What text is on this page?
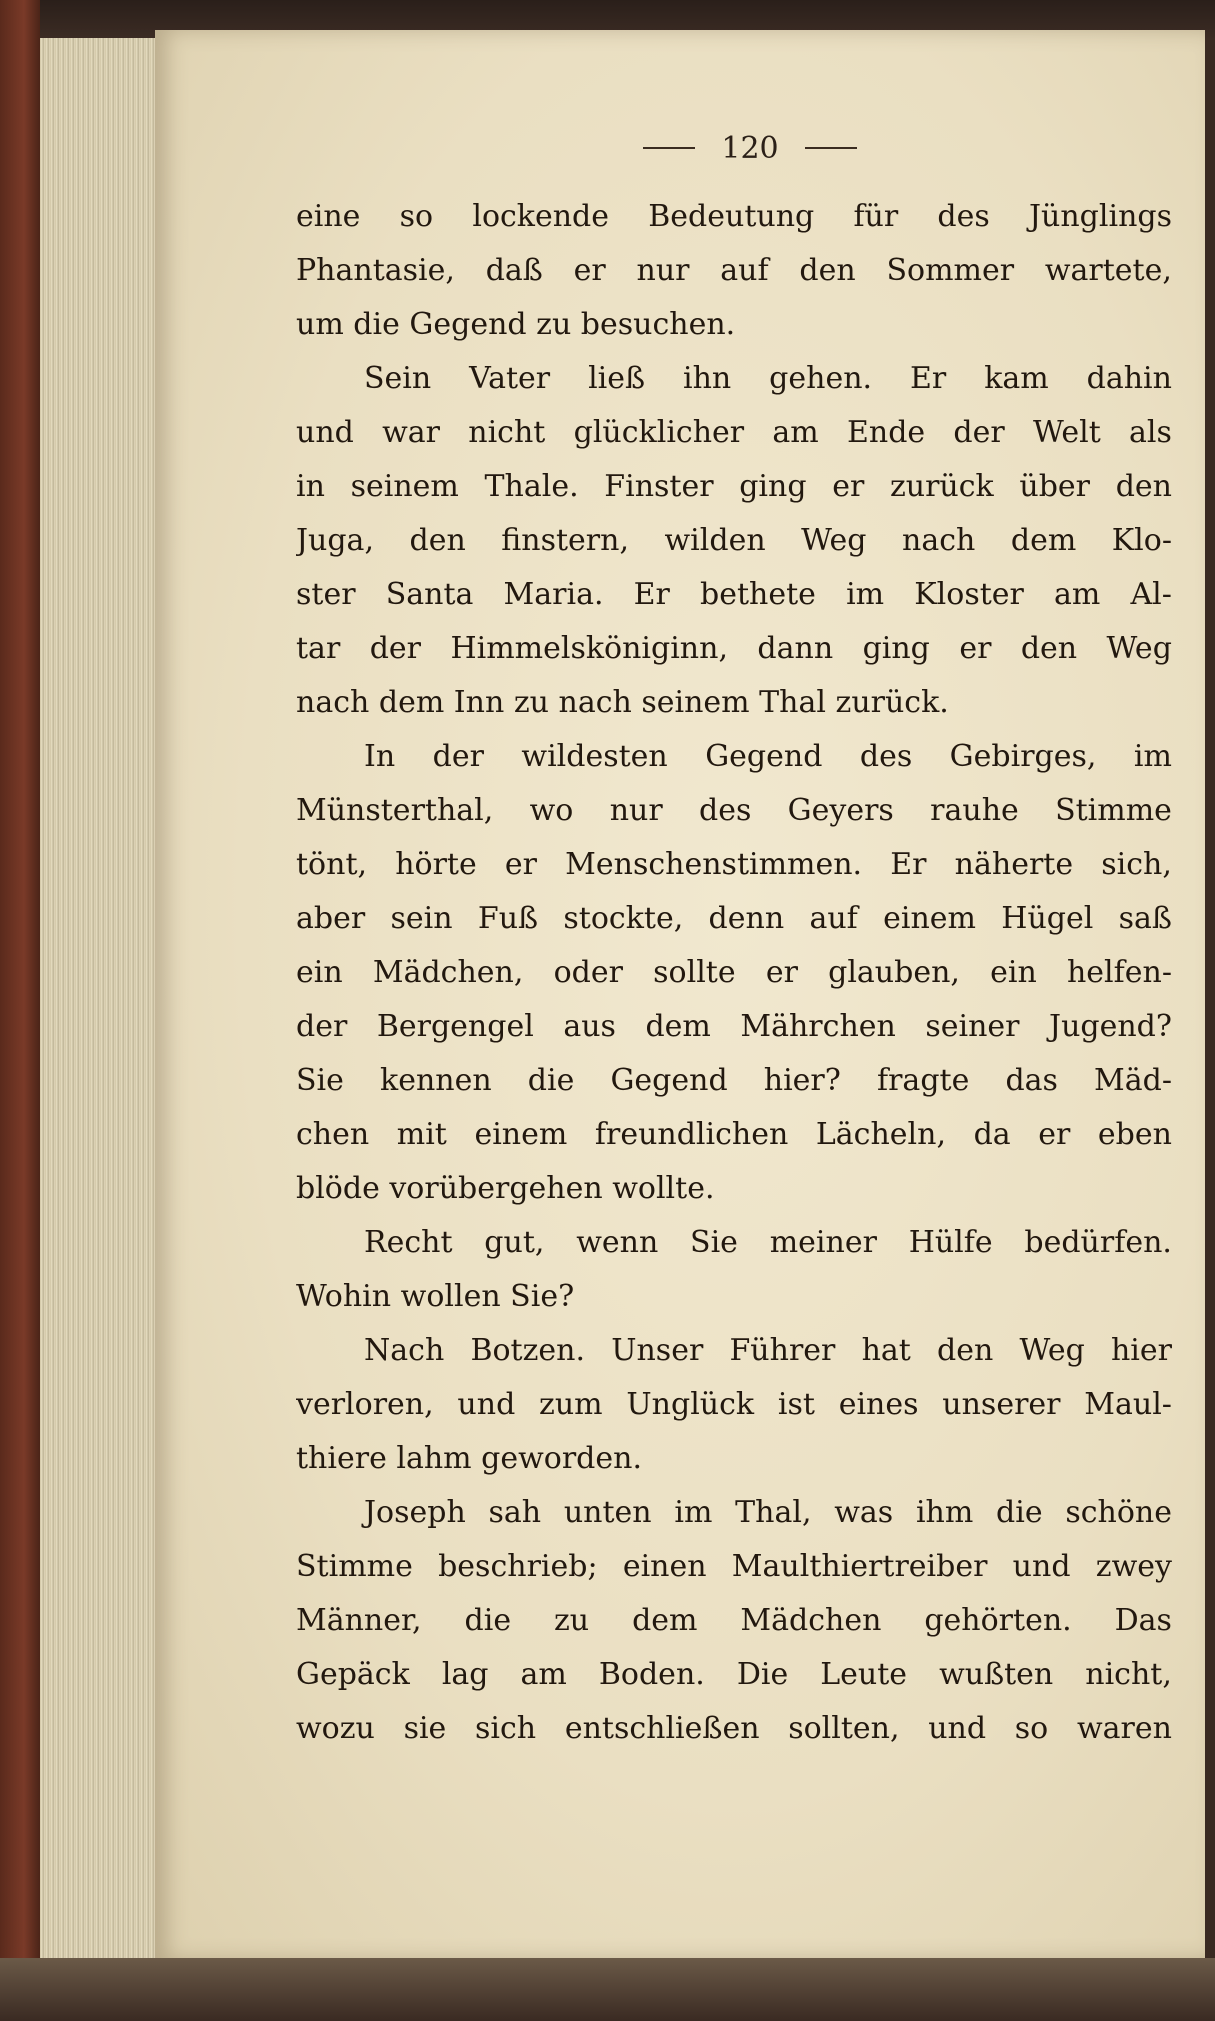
120
eine so lockende Bedeutung für des Jünglings
Phantasie, daß er nur auf den Sommer wartete,
um die Gegend zu besuchen.
Sein Vater ließ ihn gehen. Er kam dahin
und war nicht glücklicher am Ende der Welt als
in seinem Thale. Finster ging er zurück über den
Juga, den finstern, wilden Weg nach dem Klo-
ster Santa Maria. Er bethete im Kloster am Al-
tar der Himmelsköniginn, dann ging er den Weg
nach dem Inn zu nach seinem Thal zurück.
In der wildesten Gegend des Gebirges, im
Münsterthal, wo nur des Geyers rauhe Stimme
tönt, hörte er Menschenstimmen. Er näherte sich,
aber sein Fuß stockte, denn auf einem Hügel saß
ein Mädchen, oder sollte er glauben, ein helfen-
der Bergengel aus dem Mährchen seiner Jugend?
Sie kennen die Gegend hier? fragte das Mäd-
chen mit einem freundlichen Lächeln, da er eben
blöde vorübergehen wollte.
Recht gut, wenn Sie meiner Hülfe bedürfen.
Wohin wollen Sie?
Nach Botzen. Unser Führer hat den Weg hier
verloren, und zum Unglück ist eines unserer Maul-
thiere lahm geworden.
Joseph sah unten im Thal, was ihm die schöne
Stimme beschrieb; einen Maulthiertreiber und zwey
Männer, die zu dem Mädchen gehörten. Das
Gepäck lag am Boden. Die Leute wußten nicht,
wozu sie sich entschließen sollten, und so waren
